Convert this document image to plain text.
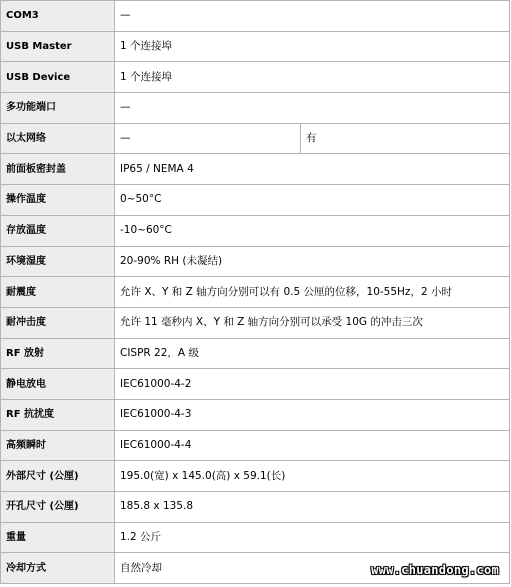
COM3	—	
USB Master	1 个连接埠	
USB Device	1 个连接埠	
多功能端口	—	
以太网络	—	有
前面板密封盖	IP65 / NEMA 4	
操作温度	0~50°C	
存放温度	-10~60°C	
环境湿度	20-90% RH (未凝结)	
耐震度	允许 X、Y 和 Z 轴方向分别可以有 0.5 公厘的位移，10-55Hz，2 小时	
耐冲击度	允许 11 毫秒内 X、Y 和 Z 轴方向分别可以承受 10G 的冲击三次	
RF 放射	CISPR 22，A 级	
静电放电	IEC61000-4-2	
RF 抗扰度	IEC61000-4-3	
高频瞬时	IEC61000-4-4	
外部尺寸 (公厘)	195.0(宽) x 145.0(高) x 59.1(长)	
开孔尺寸 (公厘)	185.8 x 135.8	
重量	1.2 公斤	
冷却方式	自然冷却		www.chuandong.com
